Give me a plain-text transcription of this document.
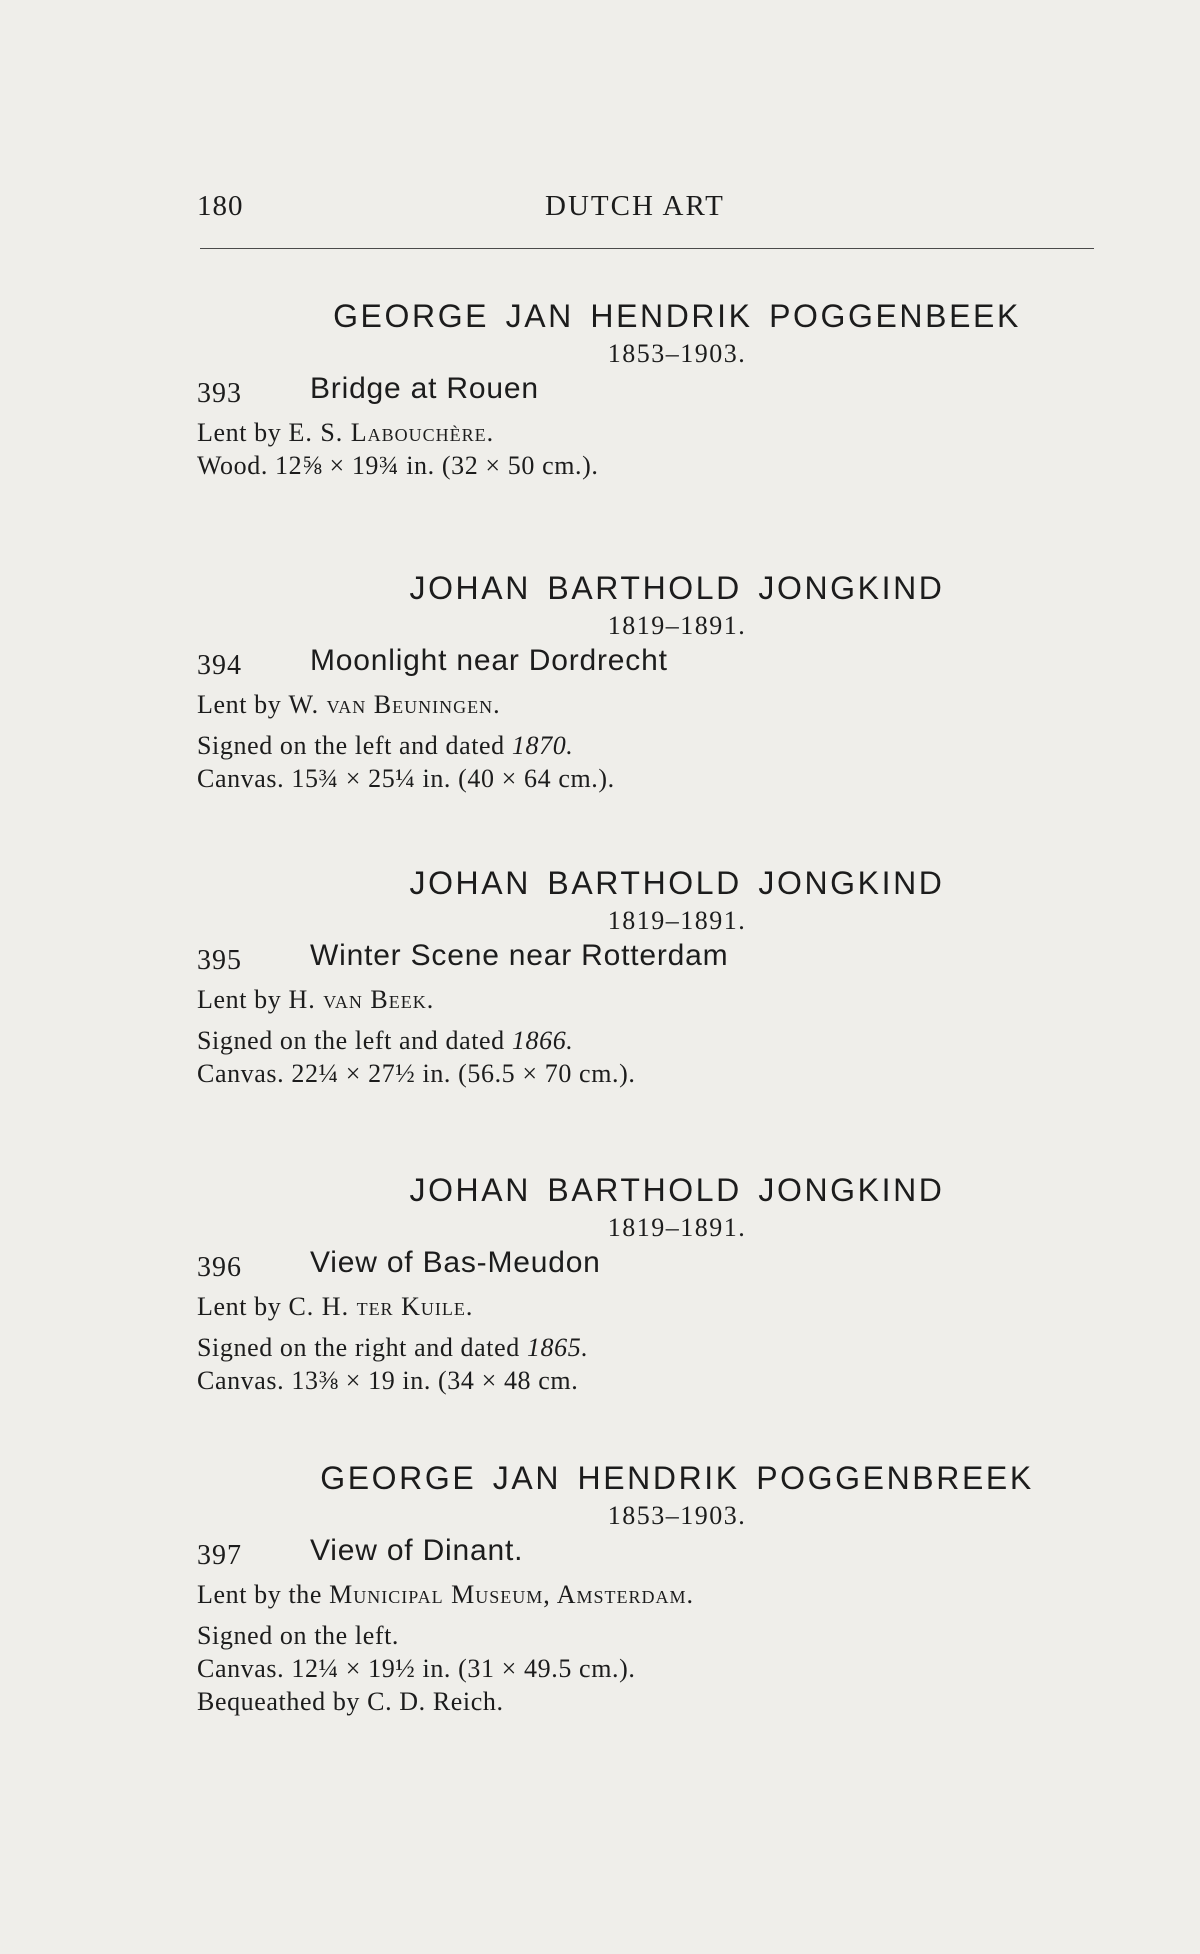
180	DUTCH ART
GEORGE JAN HENDRIK POGGENBEEK
1853–1903.
393 Bridge at Rouen
Lent by E. S. Labouchère.
Wood. 12⅝ × 19¾ in. (32 × 50 cm.).
JOHAN BARTHOLD JONGKIND
1819–1891.
394 Moonlight near Dordrecht
Lent by W. van Beuningen.
Signed on the left and dated 1870.
Canvas. 15¾ × 25¼ in. (40 × 64 cm.).
JOHAN BARTHOLD JONGKIND
1819–1891.
395 Winter Scene near Rotterdam
Lent by H. van Beek.
Signed on the left and dated 1866.
Canvas. 22¼ × 27½ in. (56.5 × 70 cm.).
JOHAN BARTHOLD JONGKIND
1819–1891.
396 View of Bas-Meudon
Lent by C. H. ter Kuile.
Signed on the right and dated 1865.
Canvas. 13⅜ × 19 in. (34 × 48 cm.
GEORGE JAN HENDRIK POGGENBREEK
1853–1903.
397 View of Dinant.
Lent by the Municipal Museum, Amsterdam.
Signed on the left.
Canvas. 12¼ × 19½ in. (31 × 49.5 cm.).
Bequeathed by C. D. Reich.
